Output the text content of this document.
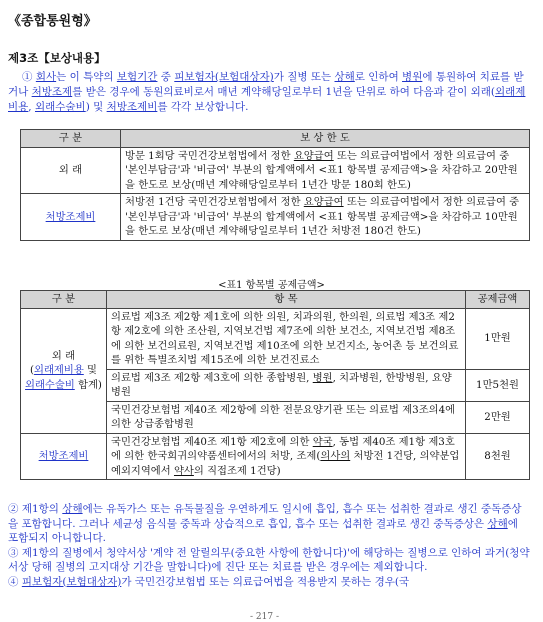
《종합통원형》
제3조【보상내용】
① 회사는 이 특약의 보험기간 중 피보험자(보험대상자)가 질병 또는 상해로 인하여 병원에 통원하여 치료를 받거나 처방조제를 받은 경우에 동원의료비로서 매년 계약해당일로부터 1년을 단위로 하여 다음과 같이 외래(외래제비용, 외래수술비) 및 처방조제비를 각각 보상합니다.
구 분	보 상 한 도
외 래	방문 1회당 국민건강보험법에서 정한 요양급여 또는 의료급여법에서 정한 의료급여 중 '본인부담금'과 '비급여' 부분의 합계액에서 <표1 항목별 공제금액>을 차감하고 20만원을 한도로 보상(매년 계약해당일로부터 1년간 방문 180회 한도)
처방조제비	처방전 1건당 국민건강보험법에서 정한 요양급여 또는 의료급여법에서 정한 의료급여 중 '본인부담금'과 '비급여' 부분의 합계액에서 <표1 항목별 공제금액>을 차감하고 10만원을 한도로 보상(매년 계약해당일로부터 1년간 처방전 180건 한도)
<표1 항목별 공제금액>
구 분	항 목	공제금액
외 래
(외래제비용 및
외래수술비 합계)	의료법 제3조 제2항 제1호에 의한 의원, 치과의원, 한의원, 의료법 제3조 제2항 제2호에 의한 조산원, 지역보건법 제7조에 의한 보건소, 지역보건법 제8조에 의한 보건의료원, 지역보건법 제10조에 의한 보건지소, 농어촌 등 보건의료를 위한 특별조치법 제15조에 의한 보건진료소	1만원
	의료법 제3조 제2항 제3호에 의한 종합병원, 병원, 치과병원, 한방병원, 요양병원	1만5천원
	국민건강보험법 제40조 제2항에 의한 전문요양기관 또는 의료법 제3조의4에 의한 상급종합병원	2만원
처방조제비	국민건강보험법 제40조 제1항 제2호에 의한 약국, 동법 제40조 제1항 제3호에 의한 한국희귀의약품센터에서의 처방, 조제(의사의 처방전 1건당, 의약분업 예외지역에서 약사의 직접조제 1건당)	8천원

② 제1항의 상해에는 유독가스 또는 유독물질을 우연하게도 일시에 흡입, 흡수 또는 섭취한 결과로 생긴 중독증상을 포함합니다. 그러나 세균성 음식물 중독과 상습적으로 흡입, 흡수 또는 섭취한 결과로 생긴 중독증상은 상해에 포함되지 아니합니다.

③ 제1항의 질병에서 청약서상 '계약 전 알릴의무(중요한 사항에 한합니다)'에 해당하는 질병으로 인하여 과거(청약서상 당해 질병의 고지대상 기간을 말합니다)에 진단 또는 치료를 받은 경우에는 제외합니다.

④ 피보험자(보험대상자)가 국민건강보험법 또는 의료급여법을 적용받지 못하는 경우(국

- 217 -
